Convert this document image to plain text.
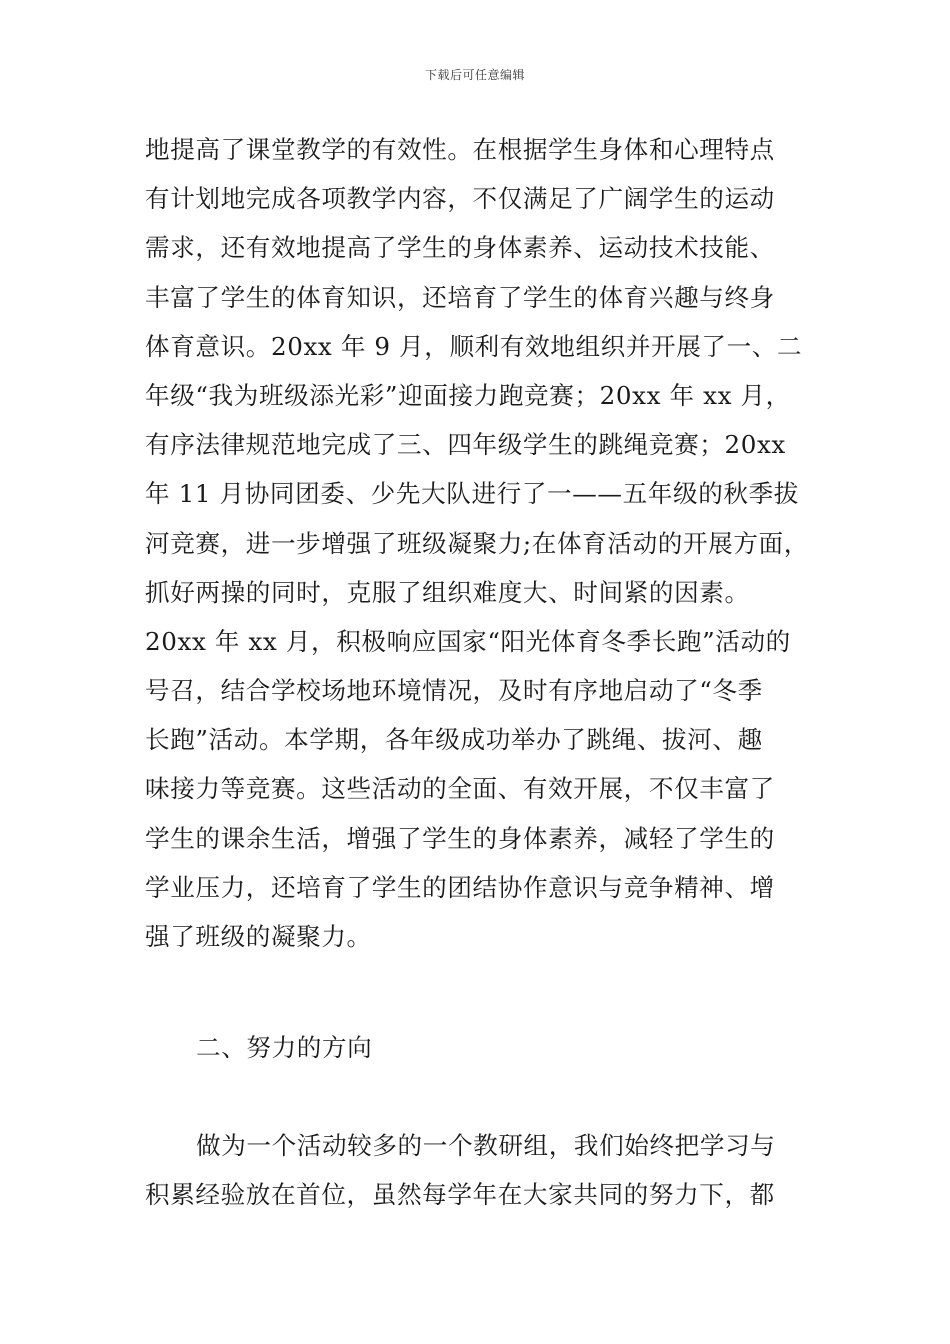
下载后可任意编辑
地提高了课堂教学的有效性。在根据学生身体和心理特点
有计划地完成各项教学内容，不仅满足了广阔学生的运动
需求，还有效地提高了学生的身体素养、运动技术技能、
丰富了学生的体育知识，还培育了学生的体育兴趣与终身
体育意识。20xx 年 9 月，顺利有效地组织并开展了一、二
年级“我为班级添光彩”迎面接力跑竞赛；20xx 年 xx 月，
有序法律规范地完成了三、四年级学生的跳绳竞赛；20xx
年 11 月协同团委、少先大队进行了一——五年级的秋季拔
河竞赛，进一步增强了班级凝聚力;在体育活动的开展方面，
抓好两操的同时，克服了组织难度大、时间紧的因素。
20xx 年 xx 月，积极响应国家“阳光体育冬季长跑”活动的
号召，结合学校场地环境情况，及时有序地启动了“冬季
长跑”活动。本学期，各年级成功举办了跳绳、拔河、趣
味接力等竞赛。这些活动的全面、有效开展，不仅丰富了
学生的课余生活，增强了学生的身体素养，减轻了学生的
学业压力，还培育了学生的团结协作意识与竞争精神、增
强了班级的凝聚力。
二、努力的方向
做为一个活动较多的一个教研组，我们始终把学习与
积累经验放在首位，虽然每学年在大家共同的努力下，都
